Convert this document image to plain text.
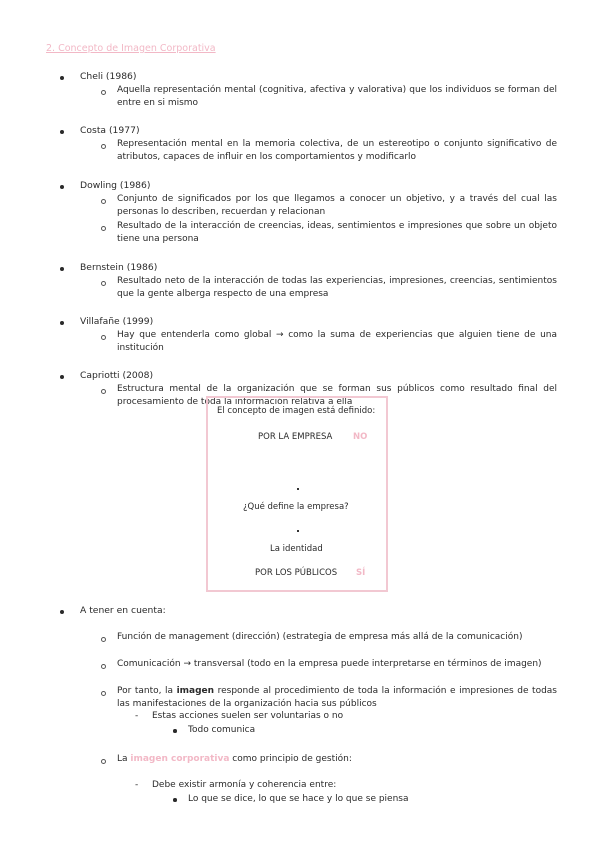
2. Concepto de Imagen Corporativa
Cheli (1986)
Aquella representación mental (cognitiva, afectiva y valorativa) que los individuos se forman del entre en si mismo
Costa (1977)
Representación mental en la memoria colectiva, de un estereotipo o conjunto significativo de atributos, capaces de influir en los comportamientos y modificarlo
Dowling (1986)
Conjunto de significados por los que llegamos a conocer un objetivo, y a través del cual las personas lo describen, recuerdan y relacionan
Resultado de la interacción de creencias, ideas, sentimientos e impresiones que sobre un objeto tiene una persona
Bernstein (1986)
Resultado neto de la interacción de todas las experiencias, impresiones, creencias, sentimientos que la gente alberga respecto de una empresa
Villafañe (1999)
Hay que entenderla como global → como la suma de experiencias que alguien tiene de una institución
Capriotti (2008)
Estructura mental de la organización que se forman sus públicos como resultado final del procesamiento de toda la información relativa a ella
El concepto de imagen está definido:
POR LA EMPRESA NO
¿Qué define la empresa?
La identidad
POR LOS PÚBLICOS SÍ
A tener en cuenta:
Función de management (dirección) (estrategia de empresa más allá de la comunicación)
Comunicación → transversal (todo en la empresa puede interpretarse en términos de imagen)
Por tanto, la imagen responde al procedimiento de toda la información e impresiones de todas las manifestaciones de la organización hacia sus públicos
- Estas acciones suelen ser voluntarias o no
Todo comunica
La imagen corporativa como principio de gestión:
- Debe existir armonía y coherencia entre:
Lo que se dice, lo que se hace y lo que se piensa
